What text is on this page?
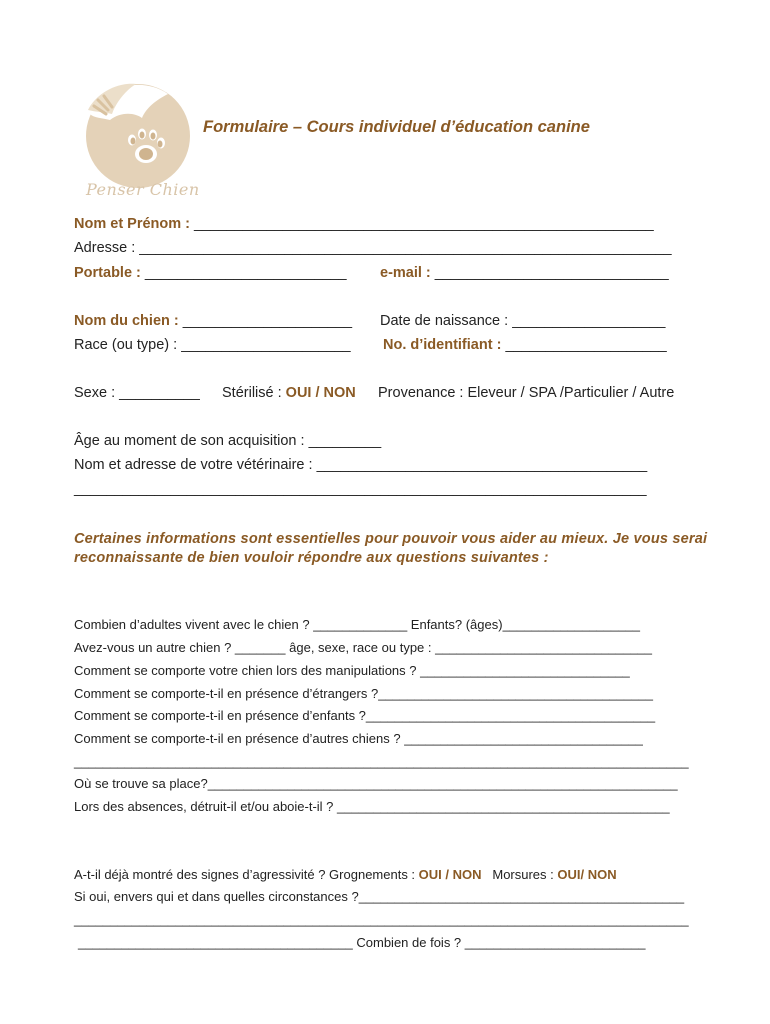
Penser Chien
Formulaire – Cours individuel d’éducation canine
Nom et Prénom : _________________________________________________________
Adresse : __________________________________________________________________
Portable : _________________________ e-mail : _____________________________
Nom du chien : _____________________ Date de naissance : ___________________
Race (ou type) : _____________________ No. d’identifiant : ____________________
Sexe : __________ Stérilisé : OUI / NON Provenance : Eleveur / SPA /Particulier / Autre
Âge au moment de son acquisition : _________
Nom et adresse de votre vétérinaire : _________________________________________
_______________________________________________________________________
Certaines informations sont essentielles pour pouvoir vous aider au mieux. Je vous serai reconnaissante de bien vouloir répondre aux questions suivantes :
Combien d’adultes vivent avec le chien ? _____________ Enfants? (âges)___________________
Avez-vous un autre chien ? _______ âge, sexe, race ou type : ______________________________
Comment se comporte votre chien lors des manipulations ? _____________________________
Comment se comporte-t-il en présence d’étrangers ?______________________________________
Comment se comporte-t-il en présence d’enfants ?________________________________________
Comment se comporte-t-il en présence d’autres chiens ? _________________________________
_____________________________________________________________________________________
Où se trouve sa place?_________________________________________________________________
Lors des absences, détruit-il et/ou aboie-t-il ? ______________________________________________
A-t-il déjà montré des signes d’agressivité ? Grognements : OUI / NON Morsures : OUI/ NON
Si oui, envers qui et dans quelles circonstances ?_____________________________________________
_____________________________________________________________________________________
______________________________________ Combien de fois ? _________________________
